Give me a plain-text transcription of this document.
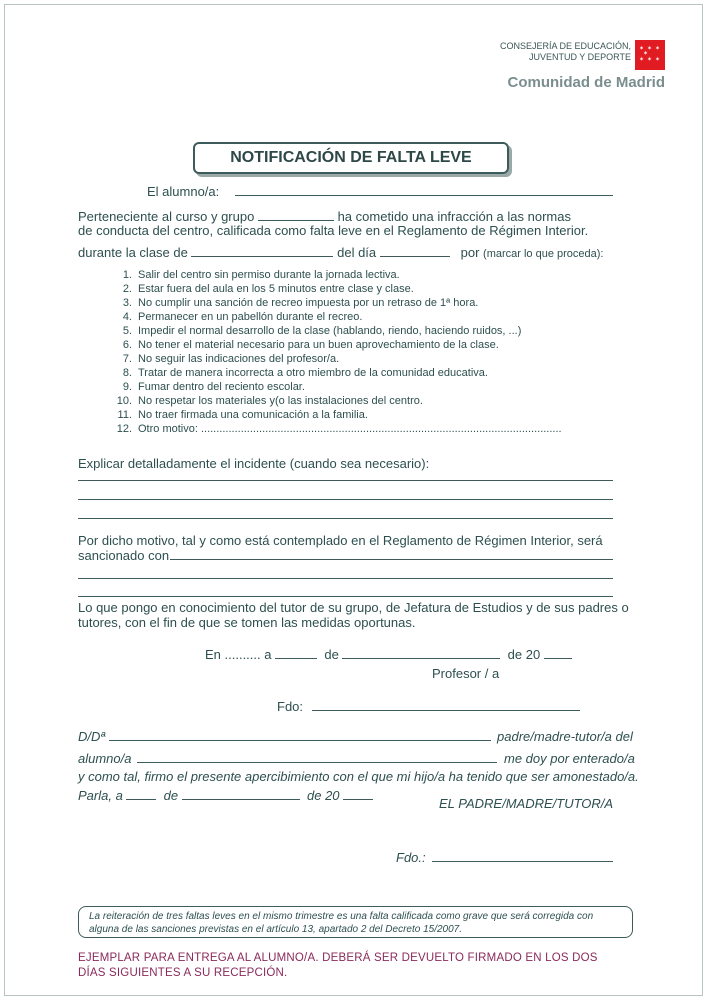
CONSEJERÍA DE EDUCACIÓN,
JUVENTUD Y DEPORTE
✶ ✶ ✶
✶ ✶ ✶
✶
Comunidad de Madrid
NOTIFICACIÓN DE FALTA LEVE
El alumno/a:
Perteneciente al curso y grupo	ha cometido una infracción a las normas
de conducta del centro, calificada como falta leve en el Reglamento de Régimen Interior.
durante la clase de	del día	por (marcar lo que proceda):
1. Salir del centro sin permiso durante la jornada lectiva.
2. Estar fuera del aula en los 5 minutos entre clase y clase.
3. No cumplir una sanción de recreo impuesta por un retraso de 1ª hora.
4. Permanecer en un pabellón durante el recreo.
5. Impedir el normal desarrollo de la clase (hablando, riendo, haciendo ruidos, ...)
6. No tener el material necesario para un buen aprovechamiento de la clase.
7. No seguir las indicaciones del profesor/a.
8. Tratar de manera incorrecta a otro miembro de la comunidad educativa.
9. Fumar dentro del reciento escolar.
10. No respetar los materiales y(o las instalaciones del centro.
11. No traer firmada una comunicación a la familia.
12. Otro motivo: ......................................................................................................................
Explicar detalladamente el incidente (cuando sea necesario):
Por dicho motivo, tal y como está contemplado en el Reglamento de Régimen Interior, será
sancionado con
Lo que pongo en conocimiento del tutor de su grupo, de Jefatura de Estudios y de sus padres o
tutores, con el fin de que se tomen las medidas oportunas.
En .......... a	de	de 20
Profesor / a
Fdo:
D/Dª	padre/madre-tutor/a del
alumno/a	me doy por enterado/a
y como tal, firmo el presente apercibimiento con el que mi hijo/a ha tenido que ser amonestado/a.
Parla, a	de	de 20
EL PADRE/MADRE/TUTOR/A
Fdo.:
La reiteración de tres faltas leves en el mismo trimestre es una falta calificada como grave que será corregida con
alguna de las sanciones previstas en el artículo 13, apartado 2 del Decreto 15/2007.
EJEMPLAR PARA ENTREGA AL ALUMNO/A. DEBERÁ SER DEVUELTO FIRMADO EN LOS DOS
DÍAS SIGUIENTES A SU RECEPCIÓN.
